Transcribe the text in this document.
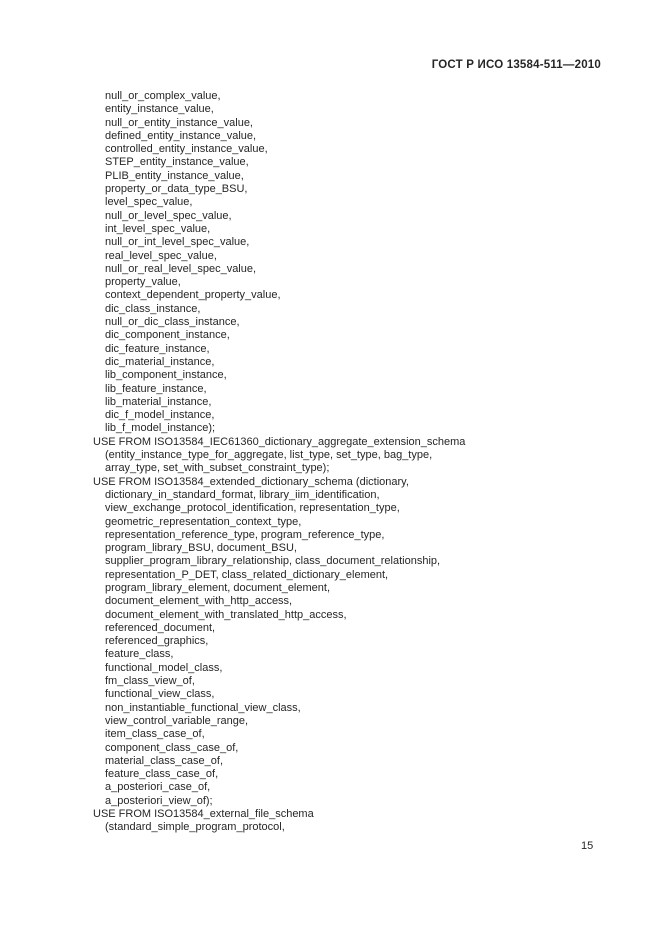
ГОСТ Р ИСО 13584-511—2010
null_or_complex_value,
entity_instance_value,
null_or_entity_instance_value,
defined_entity_instance_value,
controlled_entity_instance_value,
STEP_entity_instance_value,
PLIB_entity_instance_value,
property_or_data_type_BSU,
level_spec_value,
null_or_level_spec_value,
int_level_spec_value,
null_or_int_level_spec_value,
real_level_spec_value,
null_or_real_level_spec_value,
property_value,
context_dependent_property_value,
dic_class_instance,
null_or_dic_class_instance,
dic_component_instance,
dic_feature_instance,
dic_material_instance,
lib_component_instance,
lib_feature_instance,
lib_material_instance,
dic_f_model_instance,
lib_f_model_instance);
USE FROM ISO13584_IEC61360_dictionary_aggregate_extension_schema
(entity_instance_type_for_aggregate, list_type, set_type, bag_type,
array_type, set_with_subset_constraint_type);
USE FROM ISO13584_extended_dictionary_schema (dictionary,
dictionary_in_standard_format, library_iim_identification,
view_exchange_protocol_identification, representation_type,
geometric_representation_context_type,
representation_reference_type, program_reference_type,
program_library_BSU, document_BSU,
supplier_program_library_relationship, class_document_relationship,
representation_P_DET, class_related_dictionary_element,
program_library_element, document_element,
document_element_with_http_access,
document_element_with_translated_http_access,
referenced_document,
referenced_graphics,
feature_class,
functional_model_class,
fm_class_view_of,
functional_view_class,
non_instantiable_functional_view_class,
view_control_variable_range,
item_class_case_of,
component_class_case_of,
material_class_case_of,
feature_class_case_of,
a_posteriori_case_of,
a_posteriori_view_of);
USE FROM ISO13584_external_file_schema
(standard_simple_program_protocol,
15
